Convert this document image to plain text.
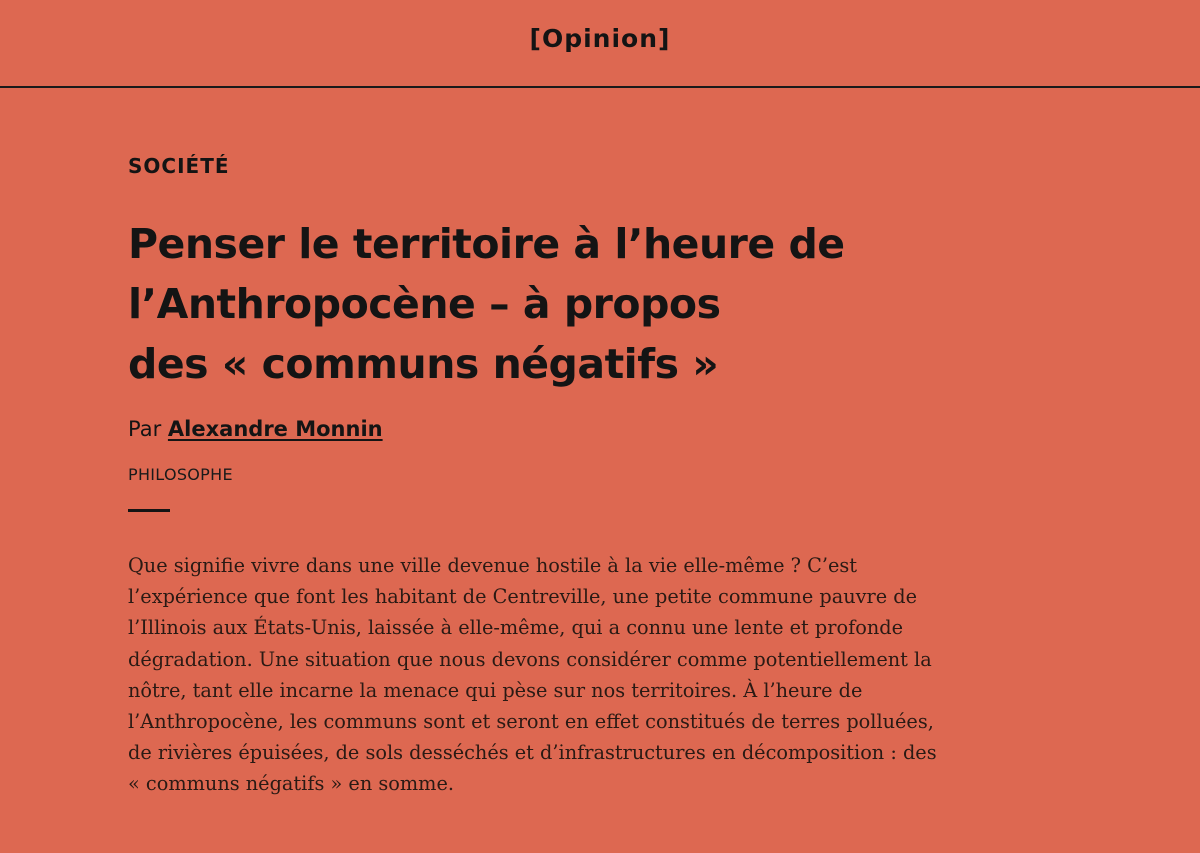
[Opinion]
SOCIÉTÉ
Penser le territoire à l’heure de
l’Anthropocène – à propos
des « communs négatifs »
Par Alexandre Monnin
PHILOSOPHE

Que signifie vivre dans une ville devenue hostile à la vie elle-même ? C’est
l’expérience que font les habitant de Centreville, une petite commune pauvre de
l’Illinois aux États-Unis, laissée à elle-même, qui a connu une lente et profonde
dégradation. Une situation que nous devons considérer comme potentiellement la
nôtre, tant elle incarne la menace qui pèse sur nos territoires. À l’heure de
l’Anthropocène, les communs sont et seront en effet constitués de terres polluées,
de rivières épuisées, de sols desséchés et d’infrastructures en décomposition : des
« communs négatifs » en somme.
